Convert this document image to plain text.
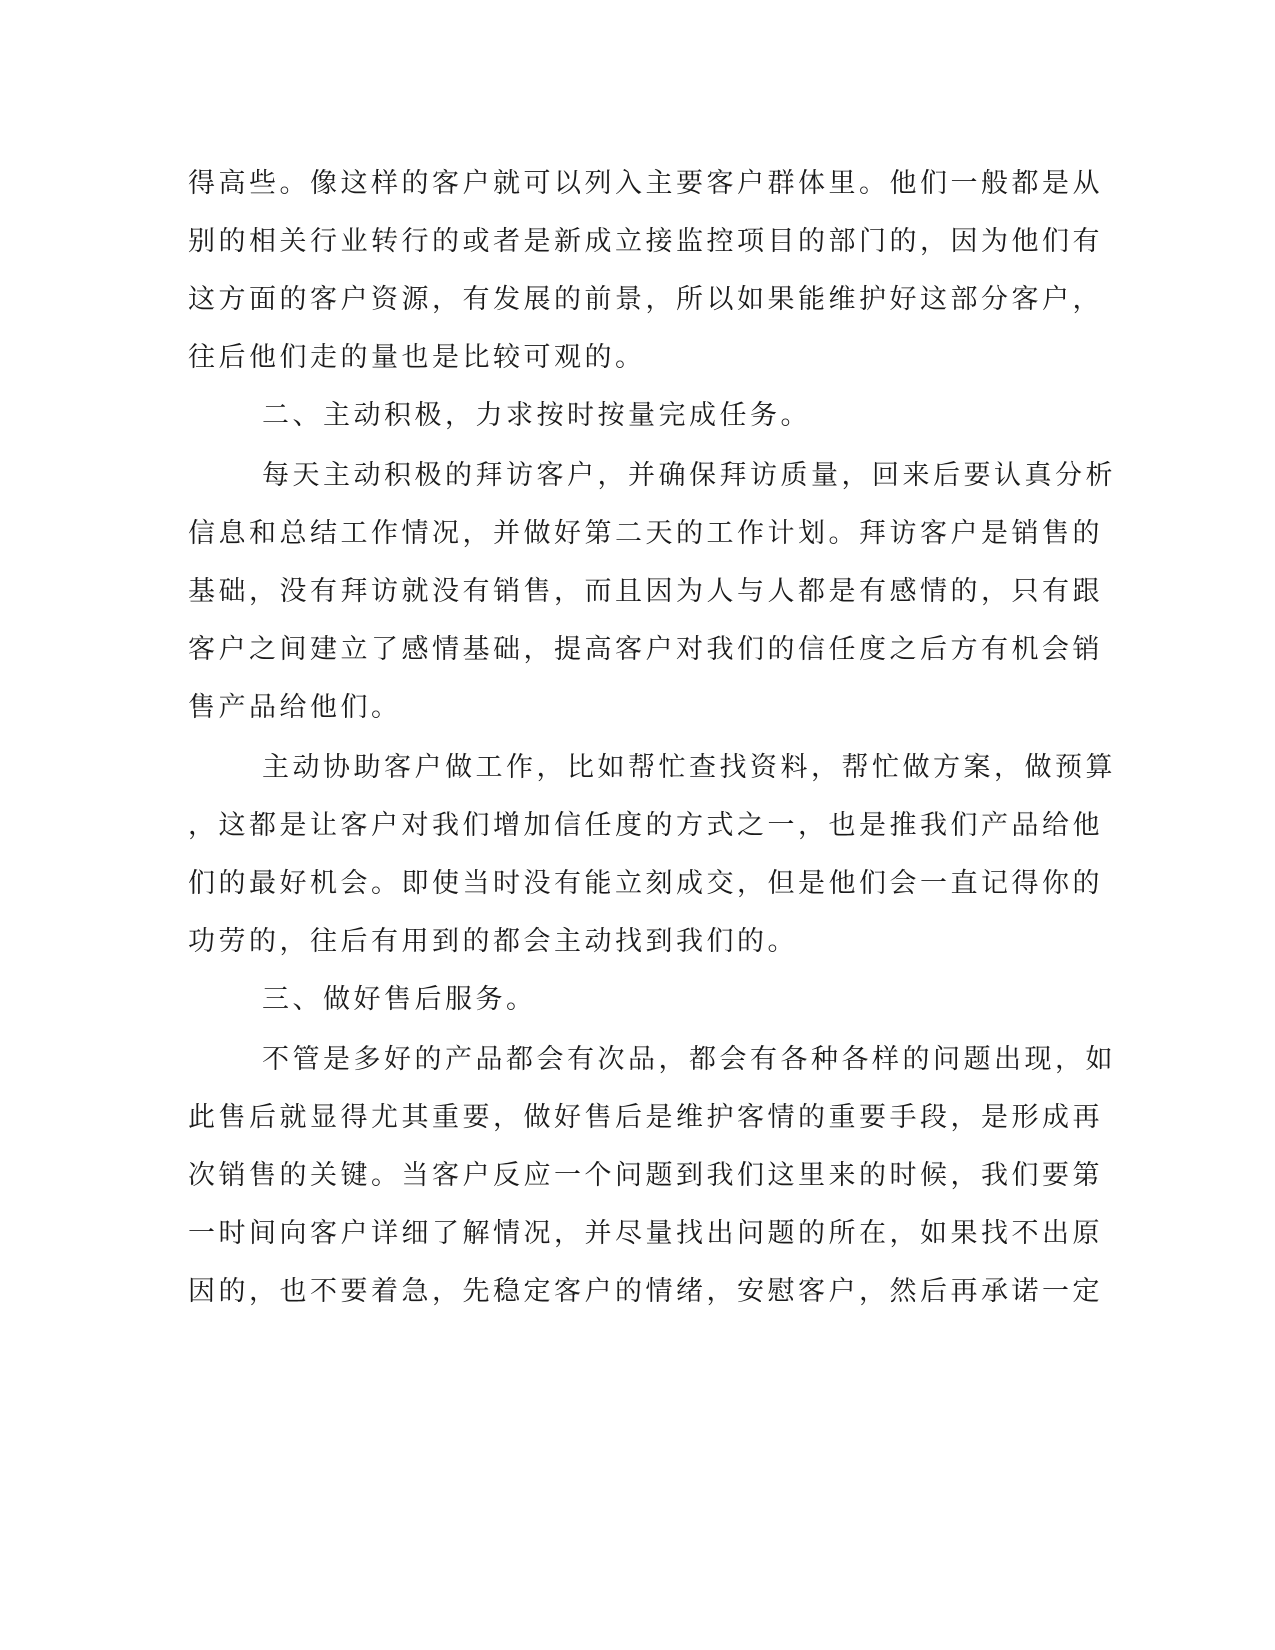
得高些。像这样的客户就可以列入主要客户群体里。他们一般都是从
别的相关行业转行的或者是新成立接监控项目的部门的，因为他们有
这方面的客户资源，有发展的前景，所以如果能维护好这部分客户，
往后他们走的量也是比较可观的。
二、主动积极，力求按时按量完成任务。
每天主动积极的拜访客户，并确保拜访质量，回来后要认真分析
信息和总结工作情况，并做好第二天的工作计划。拜访客户是销售的
基础，没有拜访就没有销售，而且因为人与人都是有感情的，只有跟
客户之间建立了感情基础，提高客户对我们的信任度之后方有机会销
售产品给他们。
主动协助客户做工作，比如帮忙查找资料，帮忙做方案，做预算
，这都是让客户对我们增加信任度的方式之一，也是推我们产品给他
们的最好机会。即使当时没有能立刻成交，但是他们会一直记得你的
功劳的，往后有用到的都会主动找到我们的。
三、做好售后服务。
不管是多好的产品都会有次品，都会有各种各样的问题出现，如
此售后就显得尤其重要，做好售后是维护客情的重要手段，是形成再
次销售的关键。当客户反应一个问题到我们这里来的时候，我们要第
一时间向客户详细了解情况，并尽量找出问题的所在，如果找不出原
因的，也不要着急，先稳定客户的情绪，安慰客户，然后再承诺一定
